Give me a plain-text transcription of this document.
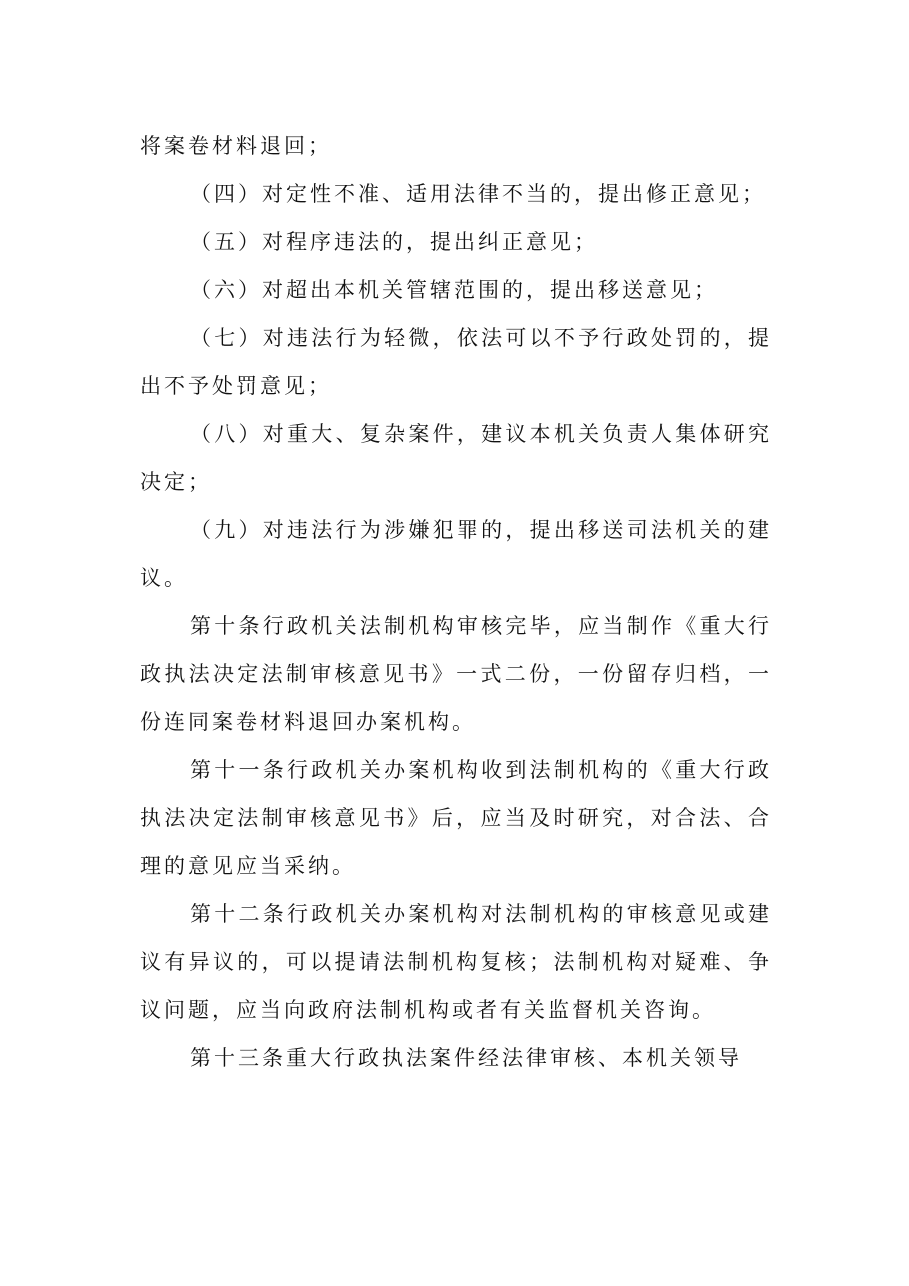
将案卷材料退回；

（四）对定性不准、适用法律不当的，提出修正意见；

（五）对程序违法的，提出纠正意见；

（六）对超出本机关管辖范围的，提出移送意见；

（七）对违法行为轻微，依法可以不予行政处罚的，提出不予处罚意见；

（八）对重大、复杂案件，建议本机关负责人集体研究决定；

（九）对违法行为涉嫌犯罪的，提出移送司法机关的建议。

第十条行政机关法制机构审核完毕，应当制作《重大行政执法决定法制审核意见书》一式二份，一份留存归档，一份连同案卷材料退回办案机构。

第十一条行政机关办案机构收到法制机构的《重大行政执法决定法制审核意见书》后，应当及时研究，对合法、合理的意见应当采纳。

第十二条行政机关办案机构对法制机构的审核意见或建议有异议的，可以提请法制机构复核；法制机构对疑难、争议问题，应当向政府法制机构或者有关监督机关咨询。

第十三条重大行政执法案件经法律审核、本机关领导
